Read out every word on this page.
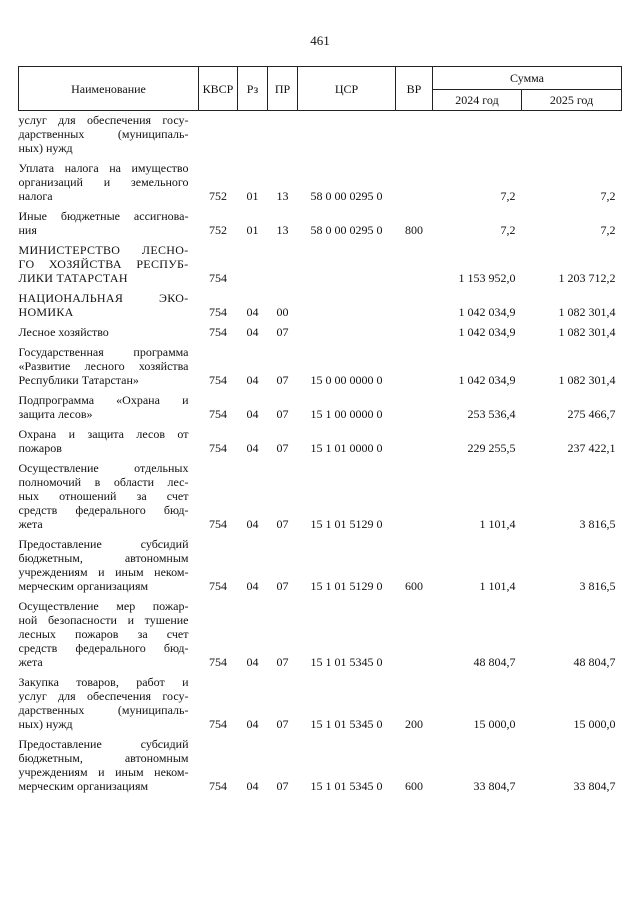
461
Наименование	КВСР	Рз	ПР	ЦСР	ВР	Сумма	
						2024 год	2025 год

услуг для обеспечения госу-
дарственных (муниципаль-
ных) нужд							

Уплата налога на имущество
организаций и земельного
налога	752	01	13	58 0 00 0295 0		7,2	7,2

Иные бюджетные ассигнова-
ния	752	01	13	58 0 00 0295 0	800	7,2	7,2

МИНИСТЕРСТВО ЛЕСНО-
ГО ХОЗЯЙСТВА РЕСПУБ-
ЛИКИ ТАТАРСТАН	754					1 153 952,0	1 203 712,2

НАЦИОНАЛЬНАЯ ЭКО-
НОМИКА	754	04	00			1 042 034,9	1 082 301,4

Лесное хозяйство	754	04	07			1 042 034,9	1 082 301,4

Государственная программа
«Развитие лесного хозяйства
Республики Татарстан»	754	04	07	15 0 00 0000 0		1 042 034,9	1 082 301,4

Подпрограмма «Охрана и
защита лесов»	754	04	07	15 1 00 0000 0		253 536,4	275 466,7

Охрана и защита лесов от
пожаров	754	04	07	15 1 01 0000 0		229 255,5	237 422,1

Осуществление отдельных
полномочий в области лес-
ных отношений за счет
средств федерального бюд-
жета	754	04	07	15 1 01 5129 0		1 101,4	3 816,5

Предоставление субсидий
бюджетным, автономным
учреждениям и иным неком-
мерческим организациям	754	04	07	15 1 01 5129 0	600	1 101,4	3 816,5

Осуществление мер пожар-
ной безопасности и тушение
лесных пожаров за счет
средств федерального бюд-
жета	754	04	07	15 1 01 5345 0		48 804,7	48 804,7

Закупка товаров, работ и
услуг для обеспечения госу-
дарственных (муниципаль-
ных) нужд	754	04	07	15 1 01 5345 0	200	15 000,0	15 000,0

Предоставление субсидий
бюджетным, автономным
учреждениям и иным неком-
мерческим организациям	754	04	07	15 1 01 5345 0	600	33 804,7	33 804,7
